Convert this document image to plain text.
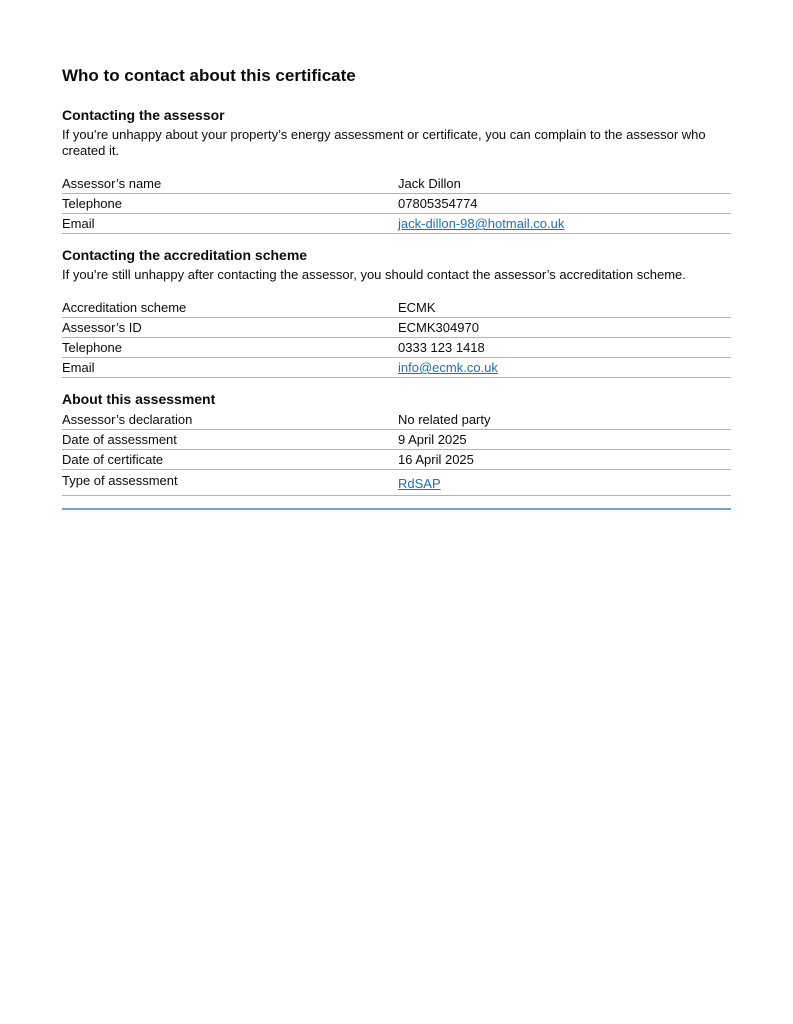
Who to contact about this certificate
Contacting the assessor

If you’re unhappy about your property’s energy assessment or certificate, you can complain to the assessor who created it.

Assessor’s name	Jack Dillon
Telephone	07805354774
Email	jack-dillon-98@hotmail.co.uk
Contacting the accreditation scheme

If you’re still unhappy after contacting the assessor, you should contact the assessor’s accreditation scheme.

Accreditation scheme	ECMK
Assessor’s ID	ECMK304970
Telephone	0333 123 1418
Email	info@ecmk.co.uk
About this assessment
Assessor’s declaration	No related party
Date of assessment	9 April 2025
Date of certificate	16 April 2025
Type of assessment	RdSAP
